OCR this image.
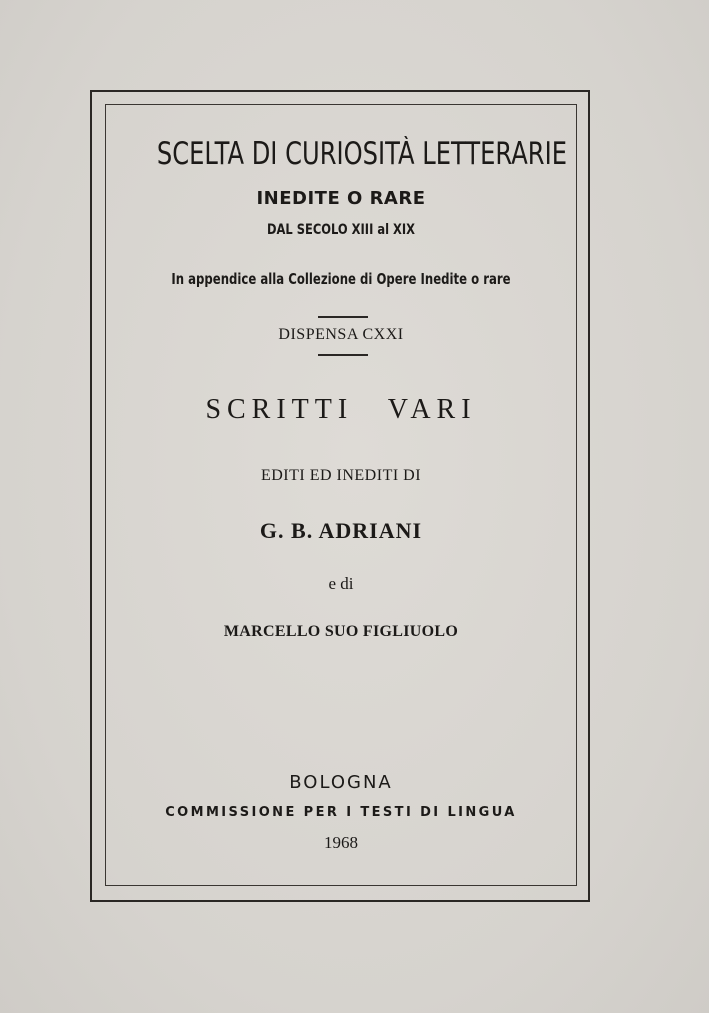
SCELTA DI CURIOSITÀ LETTERARIE
INEDITE O RARE
DAL SECOLO XIII al XIX
In appendice alla Collezione di Opere Inedite o rare
DISPENSA CXXI
SCRITTI VARI
EDITI ED INEDITI DI
G. B. ADRIANI
e di
MARCELLO SUO FIGLIUOLO
BOLOGNA
COMMISSIONE PER I TESTI DI LINGUA
1968
